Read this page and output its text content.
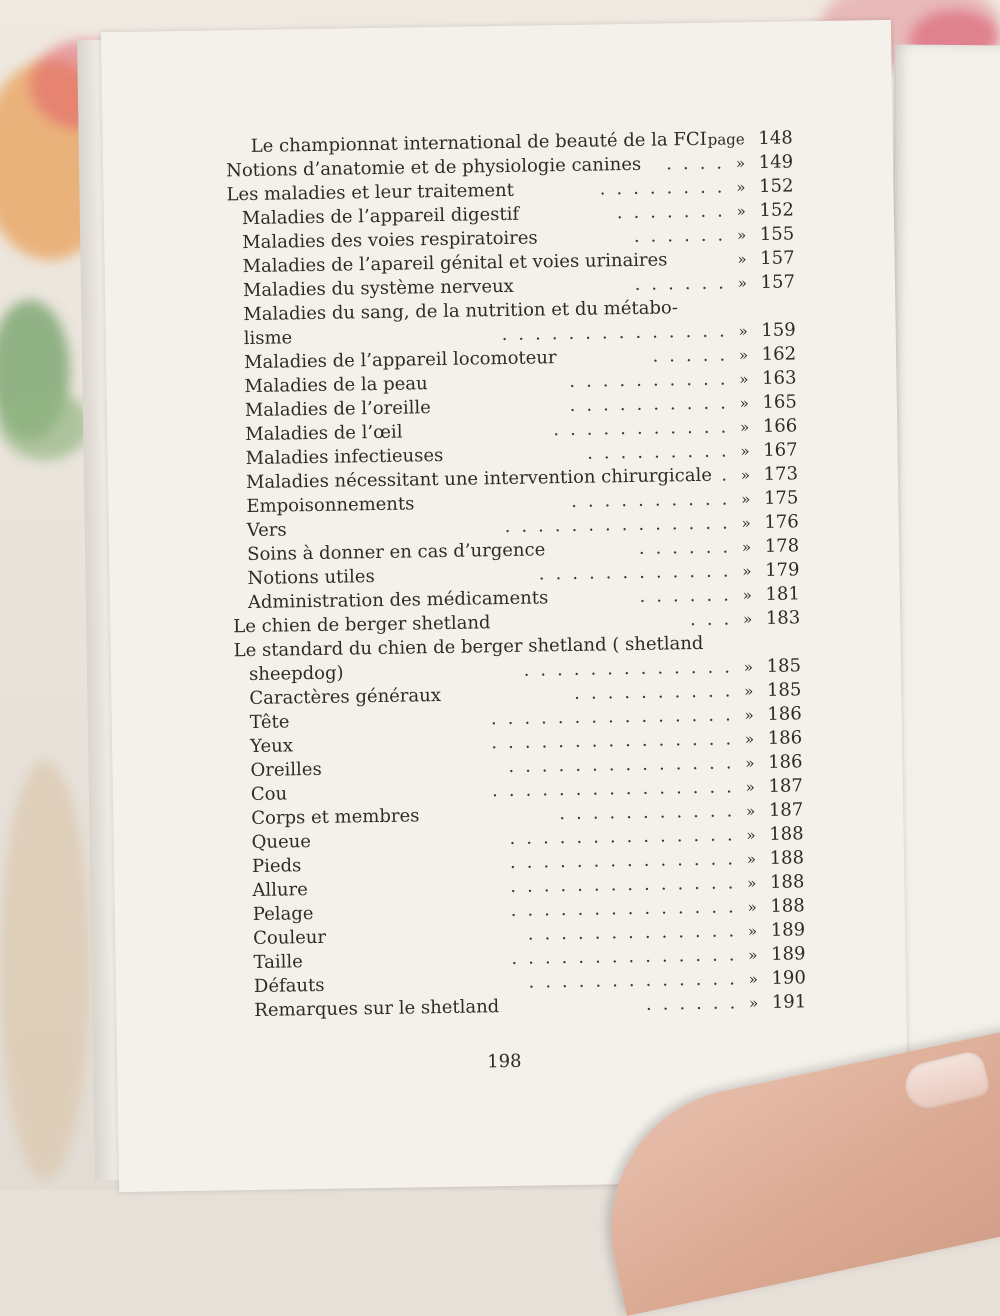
Le championnat international de beauté de la FCI page 148
Notions d’anatomie et de physiologie canines .... » 149
Les maladies et leur traitement	........ » 152
Maladies de l’appareil digestif	....... » 152
Maladies des voies respiratoires	...... » 155
Maladies de l’apareil génital et voies urinaires	» 157
Maladies du système nerveux	...... » 157
Maladies du sang, de la nutrition et du métabo-
lisme	.............. » 159
Maladies de l’appareil locomoteur	..... » 162
Maladies de la peau	.......... » 163
Maladies de l’oreille	.......... » 165
Maladies de l’œil	........... » 166
Maladies infectieuses	......... » 167
Maladies nécessitant une intervention chirurgicale . » 173
Empoisonnements	.......... » 175
Vers	.............. » 176
Soins à donner en cas d’urgence	...... » 178
Notions utiles	............ » 179
Administration des médicaments	...... » 181
Le chien de berger shetland	... » 183
Le standard du chien de berger shetland ( shetland
sheepdog)	............. » 185
Caractères généraux	.......... » 185
Tête	............... » 186
Yeux	............... » 186
Oreilles	.............. » 186
Cou	............... » 187
Corps et membres	........... » 187
Queue	.............. » 188
Pieds	.............. » 188
Allure	.............. » 188
Pelage	.............. » 188
Couleur	............. » 189
Taille	.............. » 189
Défauts	............. » 190
Remarques sur le shetland	...... » 191
198
